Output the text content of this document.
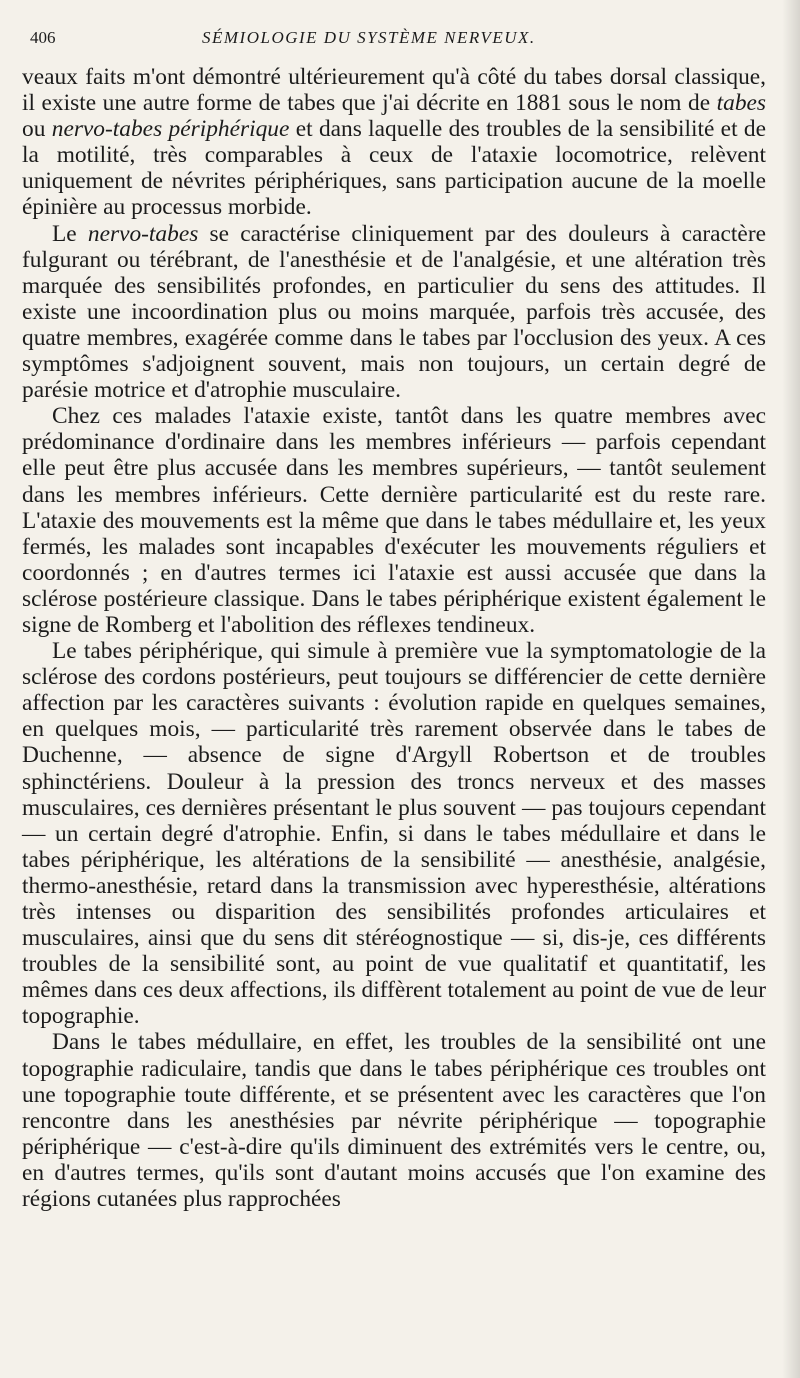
406	SÉMIOLOGIE DU SYSTÈME NERVEUX.

veaux faits m'ont démontré ultérieurement qu'à côté du tabes dorsal classique, il existe une autre forme de tabes que j'ai décrite en 1881 sous le nom de tabes ou nervo-tabes périphérique et dans laquelle des troubles de la sensibilité et de la motilité, très comparables à ceux de l'ataxie locomotrice, relèvent uniquement de névrites périphériques, sans participation aucune de la moelle épinière au processus morbide.

Le nervo-tabes se caractérise cliniquement par des douleurs à caractère fulgurant ou térébrant, de l'anesthésie et de l'analgésie, et une altération très marquée des sensibilités profondes, en particulier du sens des attitudes. Il existe une incoordination plus ou moins marquée, parfois très accusée, des quatre membres, exagérée comme dans le tabes par l'occlusion des yeux. A ces symptômes s'adjoignent souvent, mais non toujours, un certain degré de parésie motrice et d'atrophie musculaire.

Chez ces malades l'ataxie existe, tantôt dans les quatre membres avec prédominance d'ordinaire dans les membres inférieurs — parfois cependant elle peut être plus accusée dans les membres supérieurs, — tantôt seulement dans les membres inférieurs. Cette dernière particularité est du reste rare. L'ataxie des mouvements est la même que dans le tabes médullaire et, les yeux fermés, les malades sont incapables d'exécuter les mouvements réguliers et coordonnés ; en d'autres termes ici l'ataxie est aussi accusée que dans la sclérose postérieure classique. Dans le tabes périphérique existent également le signe de Romberg et l'abolition des réflexes tendineux.

Le tabes périphérique, qui simule à première vue la symptomatologie de la sclérose des cordons postérieurs, peut toujours se différencier de cette dernière affection par les caractères suivants : évolution rapide en quelques semaines, en quelques mois, — particularité très rarement observée dans le tabes de Duchenne, — absence de signe d'Argyll Robertson et de troubles sphinctériens. Douleur à la pression des troncs nerveux et des masses musculaires, ces dernières présentant le plus souvent — pas toujours cependant — un certain degré d'atrophie. Enfin, si dans le tabes médullaire et dans le tabes périphérique, les altérations de la sensibilité — anesthésie, analgésie, thermo-anesthésie, retard dans la transmission avec hyperesthésie, altérations très intenses ou disparition des sensibilités profondes articulaires et musculaires, ainsi que du sens dit stéréognostique — si, dis-je, ces différents troubles de la sensibilité sont, au point de vue qualitatif et quantitatif, les mêmes dans ces deux affections, ils diffèrent totalement au point de vue de leur topographie.

Dans le tabes médullaire, en effet, les troubles de la sensibilité ont une topographie radiculaire, tandis que dans le tabes périphérique ces troubles ont une topographie toute différente, et se présentent avec les caractères que l'on rencontre dans les anesthésies par névrite périphérique — topographie périphérique — c'est-à-dire qu'ils diminuent des extrémités vers le centre, ou, en d'autres termes, qu'ils sont d'autant moins accusés que l'on examine des régions cutanées plus rapprochées
